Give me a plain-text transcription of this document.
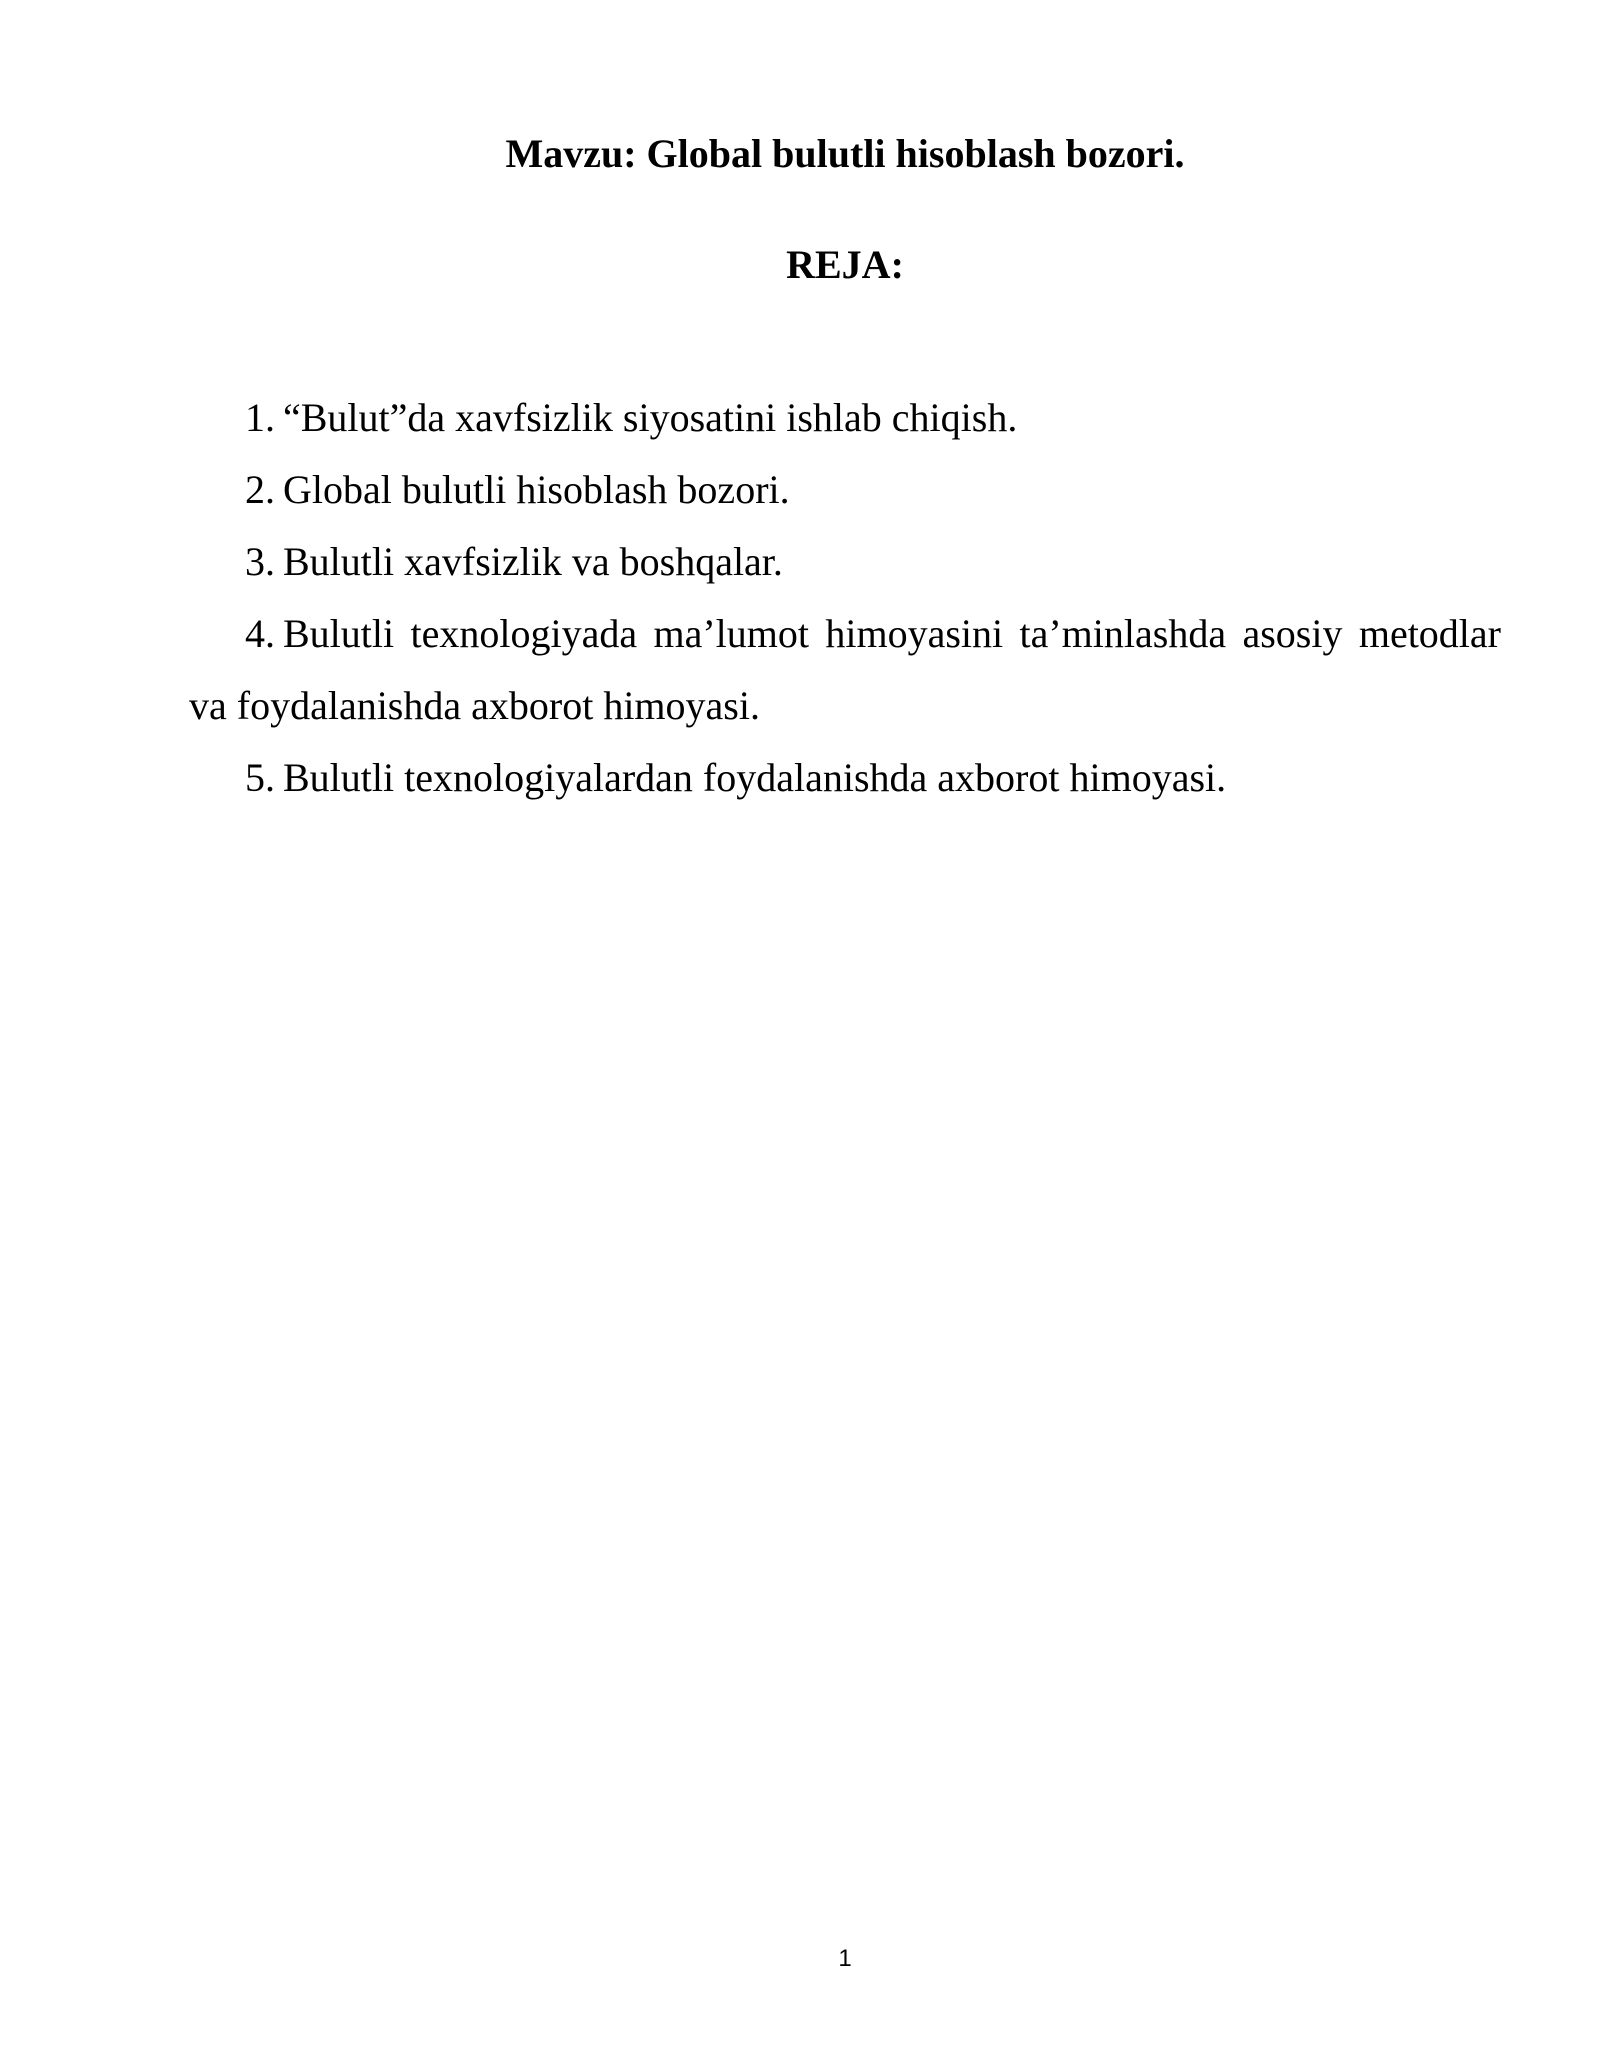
Mavzu: Global bulutli hisoblash bozori.
REJA:
1. “Bulut”da xavfsizlik siyosatini ishlab chiqish.
2. Global bulutli hisoblash bozori.
3. Bulutli xavfsizlik va boshqalar.
4. Bulutli texnologiyada ma’lumot himoyasini ta’minlashda asosiy metodlar va foydalanishda axborot himoyasi.
5. Bulutli texnologiyalardan foydalanishda axborot himoyasi.
1
